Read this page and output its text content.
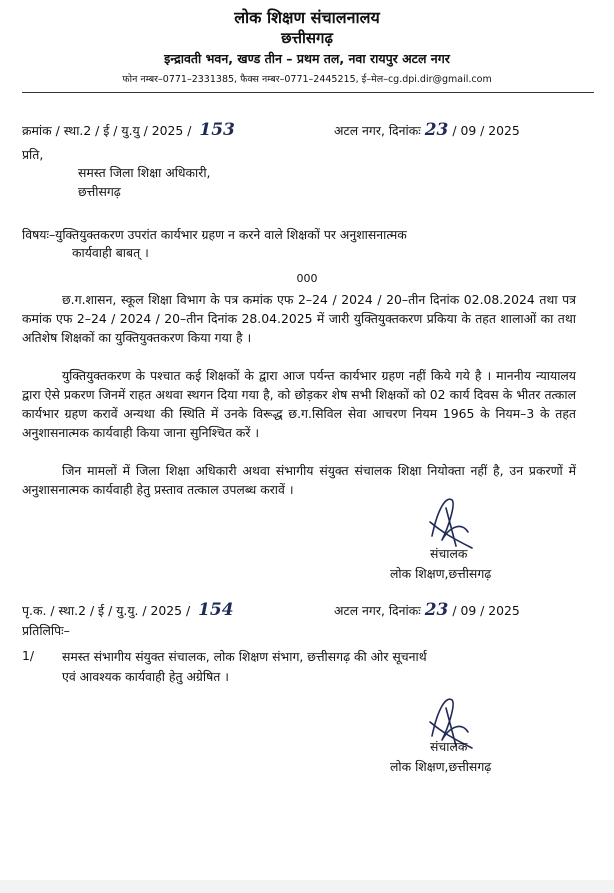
लोक शिक्षण संचालनालय
छत्तीसगढ़
इन्द्रावती भवन, खण्ड तीन – प्रथम तल, नवा रायपुर अटल नगर
फोन नम्बर–0771–2331385, फैक्स नम्बर–0771–2445215, ई–मेल–cg.dpi.dir@gmail.com
क्रमांक / स्था.2 / ई / यु.यु / 2025 / 153	अटल नगर, दिनांकः 23 / 09 / 2025
प्रति,
समस्त जिला शिक्षा अधिकारी,
छत्तीसगढ़
विषयः–युक्तियुक्तकरण उपरांत कार्यभार ग्रहण न करने वाले शिक्षकों पर अनुशासनात्मक
कार्यवाही बाबत् ।
000
छ.ग.शासन, स्कूल शिक्षा विभाग के पत्र कमांक एफ 2–24 / 2024 / 20–तीन दिनांक 02.08.2024 तथा पत्र कमांक एफ 2–24 / 2024 / 20–तीन दिनांक 28.04.2025 में जारी युक्तियुक्तकरण प्रकिया के तहत शालाओं का तथा अतिशेष शिक्षकों का युक्तियुक्तकरण किया गया है ।
युक्तियुक्तकरण के पश्चात कई शिक्षकों के द्वारा आज पर्यन्त कार्यभार ग्रहण नहीं किये गये है । माननीय न्यायालय द्वारा ऐसे प्रकरण जिनमें राहत अथवा स्थगन दिया गया है, को छोड़कर शेष सभी शिक्षकों को 02 कार्य दिवस के भीतर तत्काल कार्यभार ग्रहण करावें अन्यथा की स्थिति में उनके विरूद्ध छ.ग.सिविल सेवा आचरण नियम 1965 के नियम–3 के तहत अनुशासनात्मक कार्यवाही किया जाना सुनिश्चित करें ।
जिन मामलों में जिला शिक्षा अधिकारी अथवा संभागीय संयुक्त संचालक शिक्षा नियोक्ता नहीं है, उन प्रकरणों में अनुशासनात्मक कार्यवाही हेतु प्रस्ताव तत्काल उपलब्ध करावें ।
संचालक
लोक शिक्षण,छत्तीसगढ़
पृ.क. / स्था.2 / ई / यु.यु. / 2025 / 154	अटल नगर, दिनांकः 23 / 09 / 2025
प्रतिलिपिः–
1/ समस्त संभागीय संयुक्त संचालक, लोक शिक्षण संभाग, छत्तीसगढ़ की ओर सूचनार्थ
एवं आवश्यक कार्यवाही हेतु अग्रेषित ।
संचालक
लोक शिक्षण,छत्तीसगढ़
